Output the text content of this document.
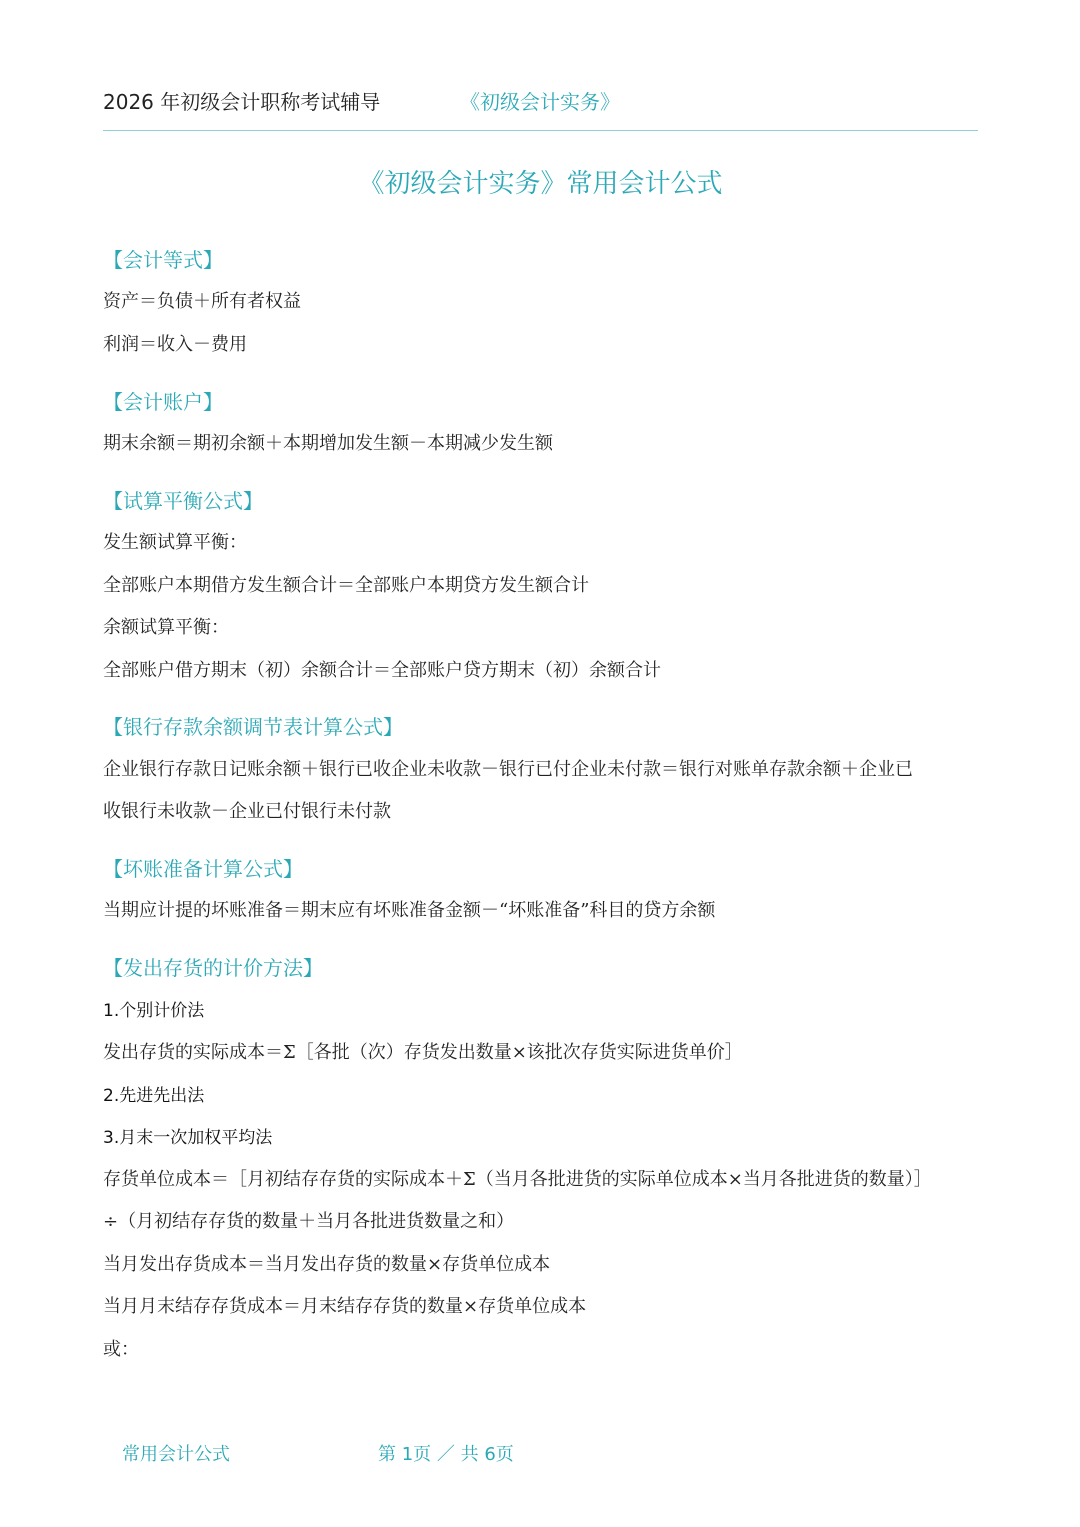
2026 年初级会计职称考试辅导	《初级会计实务》
《初级会计实务》常用会计公式
【会计等式】
资产＝负债＋所有者权益
利润＝收入－费用
【会计账户】
期末余额＝期初余额＋本期增加发生额－本期减少发生额
【试算平衡公式】
发生额试算平衡：
全部账户本期借方发生额合计＝全部账户本期贷方发生额合计
余额试算平衡：
全部账户借方期末（初）余额合计＝全部账户贷方期末（初）余额合计
【银行存款余额调节表计算公式】
企业银行存款日记账余额＋银行已收企业未收款－银行已付企业未付款＝银行对账单存款余额＋企业已
收银行未收款－企业已付银行未付款
【坏账准备计算公式】
当期应计提的坏账准备＝期末应有坏账准备金额－“坏账准备”科目的贷方余额
【发出存货的计价方法】
1.个别计价法
发出存货的实际成本＝Σ［各批（次）存货发出数量×该批次存货实际进货单价］
2.先进先出法
3.月末一次加权平均法
存货单位成本＝［月初结存存货的实际成本＋Σ（当月各批进货的实际单位成本×当月各批进货的数量）］
÷（月初结存存货的数量＋当月各批进货数量之和）
当月发出存货成本＝当月发出存货的数量×存货单位成本
当月月末结存存货成本＝月末结存存货的数量×存货单位成本
或：
常用会计公式	第 1页 ／ 共 6页
